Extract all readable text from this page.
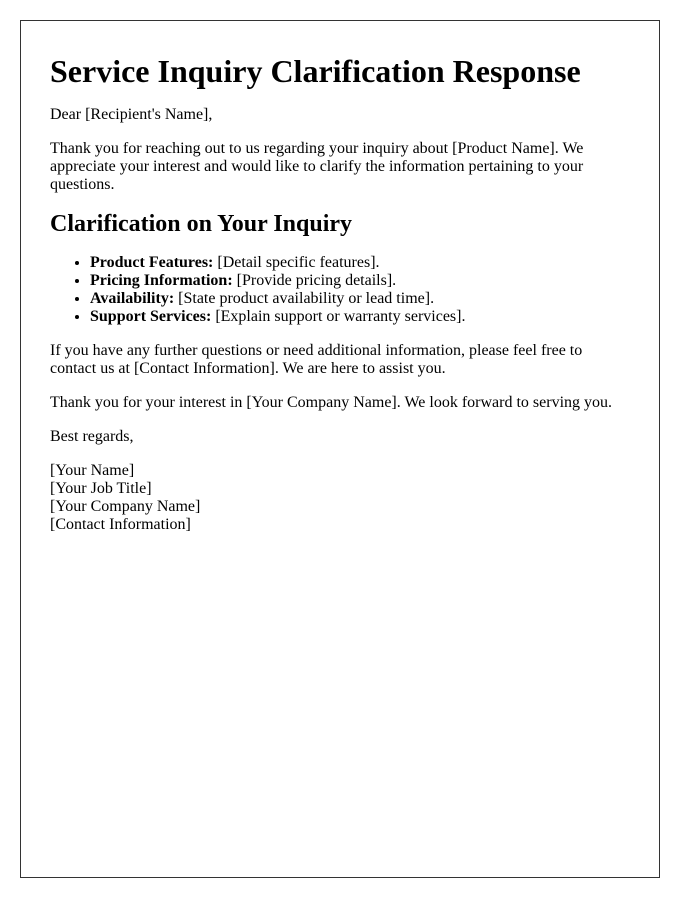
Service Inquiry Clarification Response

Dear [Recipient's Name],

Thank you for reaching out to us regarding your inquiry about [Product Name]. We appreciate your interest and would like to clarify the information pertaining to your questions.

Clarification on Your Inquiry
• Product Features: [Detail specific features].
• Pricing Information: [Provide pricing details].
• Availability: [State product availability or lead time].
• Support Services: [Explain support or warranty services].

If you have any further questions or need additional information, please feel free to contact us at [Contact Information]. We are here to assist you.

Thank you for your interest in [Your Company Name]. We look forward to serving you.

Best regards,

[Your Name]

[Your Job Title]

[Your Company Name]

[Contact Information]
